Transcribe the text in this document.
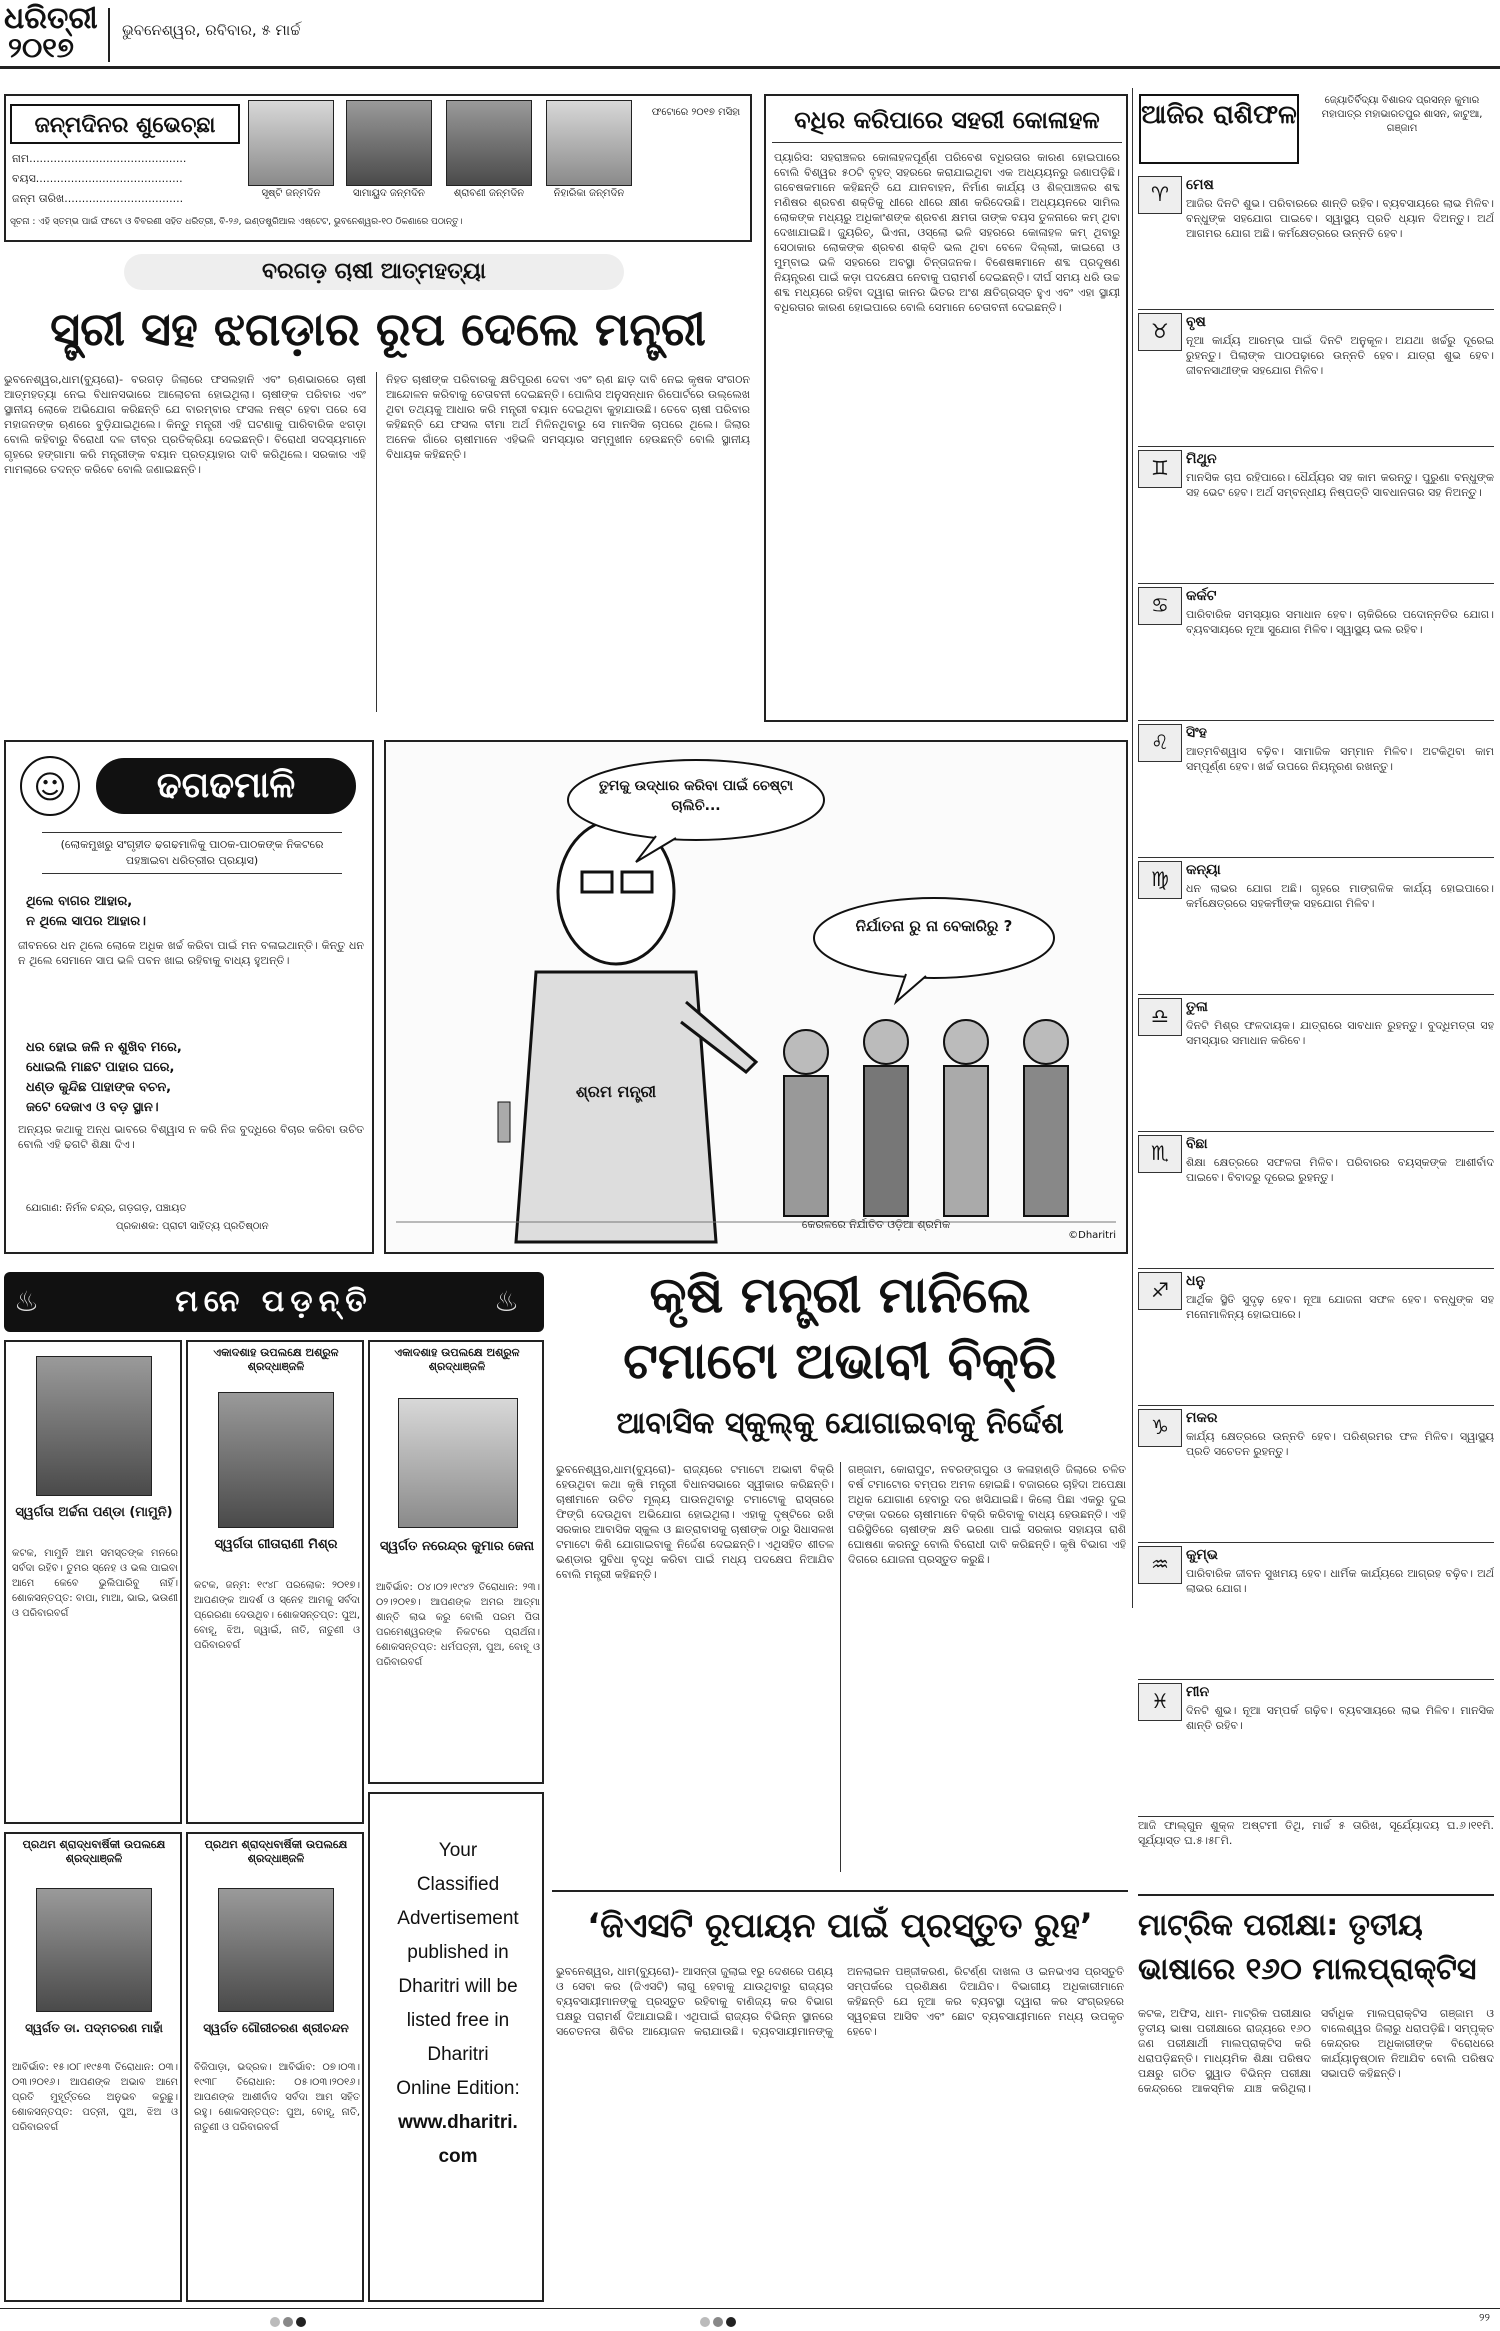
ଧରିତ୍ରୀ
୨୦୧୭
ଭୁବନେଶ୍ୱର, ରବିବାର, ୫ ମାର୍ଚ୍ଚ
ଜନ୍ମଦିନର ଶୁଭେଚ୍ଛା
ନାମ.............................................
ବୟସ..........................................
ଜନ୍ମ ତାରିଖ..................................	ସୃଷ୍ଟି ଜନ୍ମଦିନ	ସାମାୟୁଦ ଜନ୍ମଦିନ	ଶ୍ରାବଣୀ ଜନ୍ମଦିନ	ନିହାରିକା ଜନ୍ମଦିନ
ଫଟୋରେ ୨୦୧୭ ମସିହା
ସୂଚନା : ଏହି ସ୍ତମ୍ଭ ପାଇଁ ଫଟୋ ଓ ବିବରଣୀ ସହିତ ଧରିତ୍ରୀ, ବି-୨୬, ଇଣ୍ଡଷ୍ଟ୍ରିଆଲ ଏଷ୍ଟେଟ, ଭୁବନେଶ୍ୱର-୧୦ ଠିକଣାରେ ପଠାନ୍ତୁ।
ବରଗଡ଼ ଚାଷୀ ଆତ୍ମହତ୍ୟା
ସ୍ତ୍ରୀ ସହ ଝଗଡ଼ାର ରୂପ ଦେଲେ ମନ୍ତ୍ରୀ
ଭୁବନେଶ୍ୱର,ଧାମ(ବ୍ୟୁରୋ)- ବରଗଡ଼ ଜିଲାରେ ଫସଲହାନି ଏବଂ ଋଣଭାରରେ ଚାଷୀ ଆତ୍ମହତ୍ୟା ନେଇ ବିଧାନସଭାରେ ଆଲୋଚନା ହୋଇଥିଲା। ଚାଷୀଙ୍କ ପରିବାର ଏବଂ ସ୍ଥାନୀୟ ଲୋକେ ଅଭିଯୋଗ କରିଛନ୍ତି ଯେ ବାରମ୍ବାର ଫସଲ ନଷ୍ଟ ହେବା ପରେ ସେ ମହାଜନଙ୍କ ଋଣରେ ବୁଡ଼ିଯାଇଥିଲେ। କିନ୍ତୁ ମନ୍ତ୍ରୀ ଏହି ଘଟଣାକୁ ପାରିବାରିକ ଝଗଡ଼ା ବୋଲି କହିବାରୁ ବିରୋଧୀ ଦଳ ତୀବ୍ର ପ୍ରତିକ୍ରିୟା ଦେଇଛନ୍ତି। ବିରୋଧୀ ସଦସ୍ୟମାନେ ଗୃହରେ ହଙ୍ଗାମା କରି ମନ୍ତ୍ରୀଙ୍କ ବୟାନ ପ୍ରତ୍ୟାହାର ଦାବି କରିଥିଲେ। ସରକାର ଏହି ମାମଲାରେ ତଦନ୍ତ କରିବେ ବୋଲି ଜଣାଇଛନ୍ତି।
ନିହତ ଚାଷୀଙ୍କ ପରିବାରକୁ କ୍ଷତିପୂରଣ ଦେବା ଏବଂ ଋଣ ଛାଡ଼ ଦାବି ନେଇ କୃଷକ ସଂଗଠନ ଆନ୍ଦୋଳନ କରିବାକୁ ଚେତାବନୀ ଦେଇଛନ୍ତି। ପୋଲିସ ଅନୁସନ୍ଧାନ ରିପୋର୍ଟରେ ଉଲ୍ଲେଖ ଥିବା ତଥ୍ୟକୁ ଆଧାର କରି ମନ୍ତ୍ରୀ ବୟାନ ଦେଇଥିବା କୁହାଯାଉଛି। ତେବେ ଚାଷୀ ପରିବାର କହିଛନ୍ତି ଯେ ଫସଲ ବୀମା ଅର୍ଥ ମିଳିନଥିବାରୁ ସେ ମାନସିକ ଚାପରେ ଥିଲେ। ଜିଲାର ଅନେକ ଗାଁରେ ଚାଷୀମାନେ ଏହିଭଳି ସମସ୍ୟାର ସମ୍ମୁଖୀନ ହେଉଛନ୍ତି ବୋଲି ସ୍ଥାନୀୟ ବିଧାୟକ କହିଛନ୍ତି।
ବଧିର କରିପାରେ ସହରୀ କୋଳାହଳ
ପ୍ୟାରିସ: ସହରାଞ୍ଚଳର କୋଳାହଳପୂର୍ଣ୍ଣ ପରିବେଶ ବଧିରତାର କାରଣ ହୋଇପାରେ ବୋଲି ବିଶ୍ୱର ୫୦ଟି ବୃହତ୍ ସହରରେ କରାଯାଇଥିବା ଏକ ଅଧ୍ୟୟନରୁ ଜଣାପଡ଼ିଛି। ଗବେଷକମାନେ କହିଛନ୍ତି ଯେ ଯାନବାହନ, ନିର୍ମାଣ କାର୍ଯ୍ୟ ଓ ଶିଳ୍ପାଞ୍ଚଳର ଶବ୍ଦ ମଣିଷର ଶ୍ରବଣ ଶକ୍ତିକୁ ଧୀରେ ଧୀରେ କ୍ଷୀଣ କରିଦେଉଛି। ଅଧ୍ୟୟନରେ ସାମିଲ ଲୋକଙ୍କ ମଧ୍ୟରୁ ଅଧିକାଂଶଙ୍କ ଶ୍ରବଣ କ୍ଷମତା ତାଙ୍କ ବୟସ ତୁଳନାରେ କମ୍ ଥିବା ଦେଖାଯାଇଛି। ଜ୍ୟୁରିଚ୍, ଭିଏନା, ଓସ୍ଲୋ ଭଳି ସହରରେ କୋଳାହଳ କମ୍ ଥିବାରୁ ସେଠାକାର ଲୋକଙ୍କ ଶ୍ରବଣ ଶକ୍ତି ଭଲ ଥିବା ବେଳେ ଦିଲ୍ଲୀ, କାଇରୋ ଓ ମୁମ୍ବାଇ ଭଳି ସହରରେ ଅବସ୍ଥା ଚିନ୍ତାଜନକ। ବିଶେଷଜ୍ଞମାନେ ଶବ୍ଦ ପ୍ରଦୂଷଣ ନିୟନ୍ତ୍ରଣ ପାଇଁ କଡ଼ା ପଦକ୍ଷେପ ନେବାକୁ ପରାମର୍ଶ ଦେଇଛନ୍ତି। ଦୀର୍ଘ ସମୟ ଧରି ଉଚ୍ଚ ଶବ୍ଦ ମଧ୍ୟରେ ରହିବା ଦ୍ୱାରା କାନର ଭିତର ଅଂଶ କ୍ଷତିଗ୍ରସ୍ତ ହୁଏ ଏବଂ ଏହା ସ୍ଥାୟୀ ବଧିରତାର କାରଣ ହୋଇପାରେ ବୋଲି ସେମାନେ ଚେତାବନୀ ଦେଇଛନ୍ତି।
ଆଜିର ରାଶିଫଳ	ଜ୍ୟୋତିର୍ବିଦ୍ୟା ବିଶାରଦ ପ୍ରସନ୍ନ କୁମାର ମହାପାତ୍ର ମହାଭାରତପୁର ଶାସନ, କାଟୁଆ, ଗଞ୍ଜାମ
♈	ମେଷ
ଆଜିର ଦିନଟି ଶୁଭ। ପରିବାରରେ ଶାନ୍ତି ରହିବ। ବ୍ୟବସାୟରେ ଲାଭ ମିଳିବ। ବନ୍ଧୁଙ୍କ ସହଯୋଗ ପାଇବେ। ସ୍ୱାସ୍ଥ୍ୟ ପ୍ରତି ଧ୍ୟାନ ଦିଅନ୍ତୁ। ଅର୍ଥ ଆଗମର ଯୋଗ ଅଛି। କର୍ମକ୍ଷେତ୍ରରେ ଉନ୍ନତି ହେବ।
♉	ବୃଷ
ନୂଆ କାର୍ଯ୍ୟ ଆରମ୍ଭ ପାଇଁ ଦିନଟି ଅନୁକୂଳ। ଅଯଥା ଖର୍ଚ୍ଚରୁ ଦୂରେଇ ରୁହନ୍ତୁ। ପିଲାଙ୍କ ପାଠପଢ଼ାରେ ଉନ୍ନତି ହେବ। ଯାତ୍ରା ଶୁଭ ହେବ। ଜୀବନସାଥୀଙ୍କ ସହଯୋଗ ମିଳିବ।
♊	ମିଥୁନ
ମାନସିକ ଚାପ ରହିପାରେ। ଧୈର୍ଯ୍ୟର ସହ କାମ କରନ୍ତୁ। ପୁରୁଣା ବନ୍ଧୁଙ୍କ ସହ ଭେଟ ହେବ। ଅର୍ଥ ସମ୍ବନ୍ଧୀୟ ନିଷ୍ପତ୍ତି ସାବଧାନତାର ସହ ନିଅନ୍ତୁ।
♋	କର୍କଟ
ପାରିବାରିକ ସମସ୍ୟାର ସମାଧାନ ହେବ। ଚାକିରିରେ ପଦୋନ୍ନତିର ଯୋଗ। ବ୍ୟବସାୟରେ ନୂଆ ସୁଯୋଗ ମିଳିବ। ସ୍ୱାସ୍ଥ୍ୟ ଭଲ ରହିବ।
♌	ସିଂହ
ଆତ୍ମବିଶ୍ୱାସ ବଢ଼ିବ। ସାମାଜିକ ସମ୍ମାନ ମିଳିବ। ଅଟକିଥିବା କାମ ସମ୍ପୂର୍ଣ୍ଣ ହେବ। ଖର୍ଚ୍ଚ ଉପରେ ନିୟନ୍ତ୍ରଣ ରଖନ୍ତୁ।
♍	କନ୍ୟା
ଧନ ଲାଭର ଯୋଗ ଅଛି। ଗୃହରେ ମାଙ୍ଗଳିକ କାର୍ଯ୍ୟ ହୋଇପାରେ। କର୍ମକ୍ଷେତ୍ରରେ ସହକର୍ମୀଙ୍କ ସହଯୋଗ ମିଳିବ।
♎	ତୁଳା
ଦିନଟି ମିଶ୍ର ଫଳଦାୟକ। ଯାତ୍ରାରେ ସାବଧାନ ରୁହନ୍ତୁ। ବୁଦ୍ଧିମତ୍ତା ସହ ସମସ୍ୟାର ସମାଧାନ କରିବେ।
♏	ବିଛା
ଶିକ୍ଷା କ୍ଷେତ୍ରରେ ସଫଳତା ମିଳିବ। ପରିବାରର ବୟସ୍କଙ୍କ ଆଶୀର୍ବାଦ ପାଇବେ। ବିବାଦରୁ ଦୂରେଇ ରୁହନ୍ତୁ।
♐	ଧନୁ
ଆର୍ଥିକ ସ୍ଥିତି ସୁଦୃଢ଼ ହେବ। ନୂଆ ଯୋଜନା ସଫଳ ହେବ। ବନ୍ଧୁଙ୍କ ସହ ମନୋମାଳିନ୍ୟ ହୋଇପାରେ।
♑	ମକର
କାର୍ଯ୍ୟ କ୍ଷେତ୍ରରେ ଉନ୍ନତି ହେବ। ପରିଶ୍ରମର ଫଳ ମିଳିବ। ସ୍ୱାସ୍ଥ୍ୟ ପ୍ରତି ସଚେତନ ରୁହନ୍ତୁ।
♒	କୁମ୍ଭ
ପାରିବାରିକ ଜୀବନ ସୁଖମୟ ହେବ। ଧାର୍ମିକ କାର୍ଯ୍ୟରେ ଆଗ୍ରହ ବଢ଼ିବ। ଅର୍ଥ ଲାଭର ଯୋଗ।
♓	ମୀନ
ଦିନଟି ଶୁଭ। ନୂଆ ସମ୍ପର୍କ ଗଢ଼ିବ। ବ୍ୟବସାୟରେ ଲାଭ ମିଳିବ। ମାନସିକ ଶାନ୍ତି ରହିବ।
ଆଜି ଫାଲ୍ଗୁନ ଶୁକ୍ଳ ଅଷ୍ଟମୀ ତିଥି, ମାର୍ଚ୍ଚ ୫ ତାରିଖ, ସୂର୍ଯ୍ୟୋଦୟ ଘ.୬।୧୧ମି. ସୂର୍ଯ୍ୟାସ୍ତ ଘ.୫।୫୮ମି.
☺	ଢଗଢମାଳି
(ଲୋକମୁଖରୁ ସଂଗୃହୀତ ଢଗଢମାଳିକୁ ପାଠକ-ପାଠକଙ୍କ ନିକଟରେ ପହଞ୍ଚାଇବା ଧରିତ୍ରୀର ପ୍ରୟାସ)
ଥିଲେ ବାଗର ଆହାର,
ନ ଥିଲେ ସାପର ଆହାର।
ଜୀବନରେ ଧନ ଥିଲେ ଲୋକେ ଅଧିକ ଖର୍ଚ୍ଚ କରିବା ପାଇଁ ମନ ବଳାଇଥାନ୍ତି। କିନ୍ତୁ ଧନ ନ ଥିଲେ ସେମାନେ ସାପ ଭଳି ପବନ ଖାଇ ରହିବାକୁ ବାଧ୍ୟ ହୁଅନ୍ତି।
ଧର ହୋଇ ଜଳି ନ ଶୁଖିବ ମରେ,
ଧୋଇଲି ମାଛଟ ପାହାର ଘରେ,
ଧଣ୍ଡ କୁନ୍ଦିଛ ପାହାଙ୍କ ବଚନ,
ଜଟେ ଦେଜାଏ ଓ ବଡ଼ ସ୍ଥାନ।
ଅନ୍ୟର କଥାକୁ ଅନ୍ଧ ଭାବରେ ବିଶ୍ୱାସ ନ କରି ନିଜ ବୁଦ୍ଧିରେ ବିଚାର କରିବା ଉଚିତ ବୋଲି ଏହି ଢଗଟି ଶିକ୍ଷା ଦିଏ।
ଯୋଗାଣ: ନିର୍ମଳ ଚନ୍ଦ୍ର, ଗଡ଼ଗଡ଼, ପଞ୍ଚାୟତ
ପ୍ରକାଶକ: ପ୍ରାଚୀ ସାହିତ୍ୟ ପ୍ରତିଷ୍ଠାନ
ତୁମକୁ ଉଦ୍ଧାର କରିବା ପାଇଁ ଚେଷ୍ଟା ଚାଲିଚି...
ନିର୍ଯାତନା ରୁ ନା ବେକାରିରୁ ?
ଶ୍ରମ ମନ୍ତ୍ରୀ
କେରଳରେ ନିର୍ଯାତିତ ଓଡ଼ିଆ ଶ୍ରମିକ
©Dharitri
♨	ମନେ ପଡ଼ନ୍ତି	♨
ସ୍ୱର୍ଗତା ଅର୍ଚ୍ଚନା ପଣ୍ଡା (ମାମୁନି)
କଟକ, ମାମୁନି ଆମ ସମସ୍ତଙ୍କ ମନରେ ସର୍ବଦା ରହିବ। ତୁମର ସ୍ନେହ ଓ ଭଲ ପାଇବା ଆମେ କେବେ ଭୁଲିପାରିବୁ ନାହିଁ। ଶୋକସନ୍ତପ୍ତ: ବାପା, ମାଆ, ଭାଇ, ଭଉଣୀ ଓ ପରିବାରବର୍ଗ
ଏକାଦଶାହ ଉପଲକ୍ଷେ ଅଶ୍ରୁଳ ଶ୍ରଦ୍ଧାଞ୍ଜଳି
ସ୍ୱର୍ଗତା ଗୀତାରାଣୀ ମିଶ୍ର
କଟକ, ଜନ୍ମ: ୧୯୪୮ ପରଲୋକ: ୨୦୧୭। ଆପଣଙ୍କ ଆଦର୍ଶ ଓ ସ୍ନେହ ଆମକୁ ସର୍ବଦା ପ୍ରେରଣା ଦେଉଥିବ। ଶୋକସନ୍ତପ୍ତ: ପୁଅ, ବୋହୂ, ଝିଅ, ଜ୍ୱାଇଁ, ନାତି, ନାତୁଣୀ ଓ ପରିବାରବର୍ଗ
ଏକାଦଶାହ ଉପଲକ୍ଷେ ଅଶ୍ରୁଳ ଶ୍ରଦ୍ଧାଞ୍ଜଳି
ସ୍ୱର୍ଗତ ନରେନ୍ଦ୍ର କୁମାର ଜେନା
ଆବିର୍ଭାବ: ୦୪।୦୨।୧୯୪୨ ତିରୋଧାନ: ୨୩।୦୨।୨୦୧୭। ଆପଣଙ୍କ ଅମର ଆତ୍ମା ଶାନ୍ତି ଲାଭ କରୁ ବୋଲି ପରମ ପିତା ପରମେଶ୍ୱରଙ୍କ ନିକଟରେ ପ୍ରାର୍ଥନା। ଶୋକସନ୍ତପ୍ତ: ଧର୍ମପତ୍ନୀ, ପୁଅ, ବୋହୂ ଓ ପରିବାରବର୍ଗ
ପ୍ରଥମ ଶ୍ରାଦ୍ଧବାର୍ଷିକୀ ଉପଲକ୍ଷେ ଶ୍ରଦ୍ଧାଞ୍ଜଳି
ସ୍ୱର୍ଗତ ଡା. ପଦ୍ମଚରଣ ମାହାଁ
ଆବିର୍ଭାବ: ୧୫।୦୮।୧୯୫୩ ତିରୋଧାନ: ୦୩।୦୩।୨୦୧୬। ଆପଣଙ୍କ ଅଭାବ ଆମେ ପ୍ରତି ମୁହୂର୍ତ୍ତରେ ଅନୁଭବ କରୁଛୁ। ଶୋକସନ୍ତପ୍ତ: ପତ୍ନୀ, ପୁଅ, ଝିଅ ଓ ପରିବାରବର୍ଗ
ପ୍ରଥମ ଶ୍ରାଦ୍ଧବାର୍ଷିକୀ ଉପଲକ୍ଷେ ଶ୍ରଦ୍ଧାଞ୍ଜଳି
ସ୍ୱର୍ଗତ ଗୌରୀଚରଣ ଶ୍ରୀଚନ୍ଦନ
ବିଜିପାଡ଼ା, ଭଦ୍ରକ। ଆବିର୍ଭାବ: ୦୭।୦୩।୧୯୩୮ ତିରୋଧାନ: ୦୫।୦୩।୨୦୧୬। ଆପଣଙ୍କ ଆଶୀର୍ବାଦ ସର୍ବଦା ଆମ ସହିତ ରହୁ। ଶୋକସନ୍ତପ୍ତ: ପୁଅ, ବୋହୂ, ନାତି, ନାତୁଣୀ ଓ ପରିବାରବର୍ଗ
Your
Classified
Advertisement
published in
Dharitri will be
listed free in
Dharitri
Online Edition:
www.dharitri.
com
କୃଷି ମନ୍ତ୍ରୀ ମାନିଲେ
ଟମାଟୋ ଅଭାବୀ ବିକ୍ରି
ଆବାସିକ ସ୍କୁଲ୍‌କୁ ଯୋଗାଇବାକୁ ନିର୍ଦ୍ଦେଶ
ଭୁବନେଶ୍ୱର,ଧାମ(ବ୍ୟୁରୋ)- ରାଜ୍ୟରେ ଟମାଟୋ ଅଭାବୀ ବିକ୍ରି ହେଉଥିବା କଥା କୃଷି ମନ୍ତ୍ରୀ ବିଧାନସଭାରେ ସ୍ୱୀକାର କରିଛନ୍ତି। ଚାଷୀମାନେ ଉଚିତ ମୂଲ୍ୟ ପାଉନଥିବାରୁ ଟମାଟୋକୁ ରାସ୍ତାରେ ଫିଙ୍ଗି ଦେଉଥିବା ଅଭିଯୋଗ ହୋଇଥିଲା। ଏହାକୁ ଦୃଷ୍ଟିରେ ରଖି ସରକାର ଆବାସିକ ସ୍କୁଲ ଓ ଛାତ୍ରାବାସକୁ ଚାଷୀଙ୍କ ଠାରୁ ସିଧାସଳଖ ଟମାଟୋ କିଣି ଯୋଗାଇବାକୁ ନିର୍ଦ୍ଦେଶ ଦେଇଛନ୍ତି। ଏଥିସହିତ ଶୀତଳ ଭଣ୍ଡାର ସୁବିଧା ବୃଦ୍ଧି କରିବା ପାଇଁ ମଧ୍ୟ ପଦକ୍ଷେପ ନିଆଯିବ ବୋଲି ମନ୍ତ୍ରୀ କହିଛନ୍ତି।
ଗଞ୍ଜାମ, କୋରାପୁଟ, ନବରଙ୍ଗପୁର ଓ କଳାହାଣ୍ଡି ଜିଲାରେ ଚଳିତ ବର୍ଷ ଟମାଟୋର ବମ୍ପର ଅମଳ ହୋଇଛି। ବଜାରରେ ଚାହିଦା ଅପେକ୍ଷା ଅଧିକ ଯୋଗାଣ ହେବାରୁ ଦର ଖସିଯାଇଛି। କିଲୋ ପିଛା ଏକରୁ ଦୁଇ ଟଙ୍କା ଦରରେ ଚାଷୀମାନେ ବିକ୍ରି କରିବାକୁ ବାଧ୍ୟ ହେଉଛନ୍ତି। ଏହି ପରିସ୍ଥିତିରେ ଚାଷୀଙ୍କ କ୍ଷତି ଭରଣା ପାଇଁ ସରକାର ସହାୟତା ରାଶି ଘୋଷଣା କରନ୍ତୁ ବୋଲି ବିରୋଧୀ ଦାବି କରିଛନ୍ତି। କୃଷି ବିଭାଗ ଏହି ଦିଗରେ ଯୋଜନା ପ୍ରସ୍ତୁତ କରୁଛି।
‘ଜିଏସଟି ରୂପାୟନ ପାଇଁ ପ୍ରସ୍ତୁତ ରୁହ’
ଭୁବନେଶ୍ୱର, ଧାମ(ବ୍ୟୁରୋ)- ଆସନ୍ତା ଜୁଲାଇ ୧ରୁ ଦେଶରେ ପଣ୍ୟ ଓ ସେବା କର (ଜିଏସଟି) ଲାଗୁ ହେବାକୁ ଯାଉଥିବାରୁ ରାଜ୍ୟର ବ୍ୟବସାୟୀମାନଙ୍କୁ ପ୍ରସ୍ତୁତ ରହିବାକୁ ବାଣିଜ୍ୟ କର ବିଭାଗ ପକ୍ଷରୁ ପରାମର୍ଶ ଦିଆଯାଇଛି। ଏଥିପାଇଁ ରାଜ୍ୟର ବିଭିନ୍ନ ସ୍ଥାନରେ ସଚେତନତା ଶିବିର ଆୟୋଜନ କରାଯାଉଛି। ବ୍ୟବସାୟୀମାନଙ୍କୁ ଅନଲାଇନ ପଞ୍ଜୀକରଣ, ରିଟର୍ଣ୍ଣ ଦାଖଲ ଓ ଇନଭଏସ ପ୍ରସ୍ତୁତି ସମ୍ପର୍କରେ ପ୍ରଶିକ୍ଷଣ ଦିଆଯିବ। ବିଭାଗୀୟ ଅଧିକାରୀମାନେ କହିଛନ୍ତି ଯେ ନୂଆ କର ବ୍ୟବସ୍ଥା ଦ୍ୱାରା କର ସଂଗ୍ରହରେ ସ୍ୱଚ୍ଛତା ଆସିବ ଏବଂ ଛୋଟ ବ୍ୟବସାୟୀମାନେ ମଧ୍ୟ ଉପକୃତ ହେବେ।
ମାଟ୍ରିକ ପରୀକ୍ଷା: ତୃତୀୟ ଭାଷାରେ ୧୬୦ ମାଲପ୍ରାକ୍ଟିସ
କଟକ, ଅଫିସ, ଧାମ- ମାଟ୍ରିକ ପରୀକ୍ଷାର ତୃତୀୟ ଭାଷା ପରୀକ୍ଷାରେ ରାଜ୍ୟରେ ୧୬୦ ଜଣ ପରୀକ୍ଷାର୍ଥୀ ମାଲପ୍ରାକ୍ଟିସ କରି ଧରାପଡ଼ିଛନ୍ତି। ମାଧ୍ୟମିକ ଶିକ୍ଷା ପରିଷଦ ପକ୍ଷରୁ ଗଠିତ ସ୍କ୍ୱାଡ ବିଭିନ୍ନ ପରୀକ୍ଷା କେନ୍ଦ୍ରରେ ଆକସ୍ମିକ ଯାଞ୍ଚ କରିଥିଲା। ସର୍ବାଧିକ ମାଲପ୍ରାକ୍ଟିସ ଗଞ୍ଜାମ ଓ ବାଲେଶ୍ୱର ଜିଲାରୁ ଧରାପଡ଼ିଛି। ସମ୍ପୃକ୍ତ କେନ୍ଦ୍ରର ଅଧିକାରୀଙ୍କ ବିରୋଧରେ କାର୍ଯ୍ୟାନୁଷ୍ଠାନ ନିଆଯିବ ବୋଲି ପରିଷଦ ସଭାପତି କହିଛନ୍ତି।
୨୨
